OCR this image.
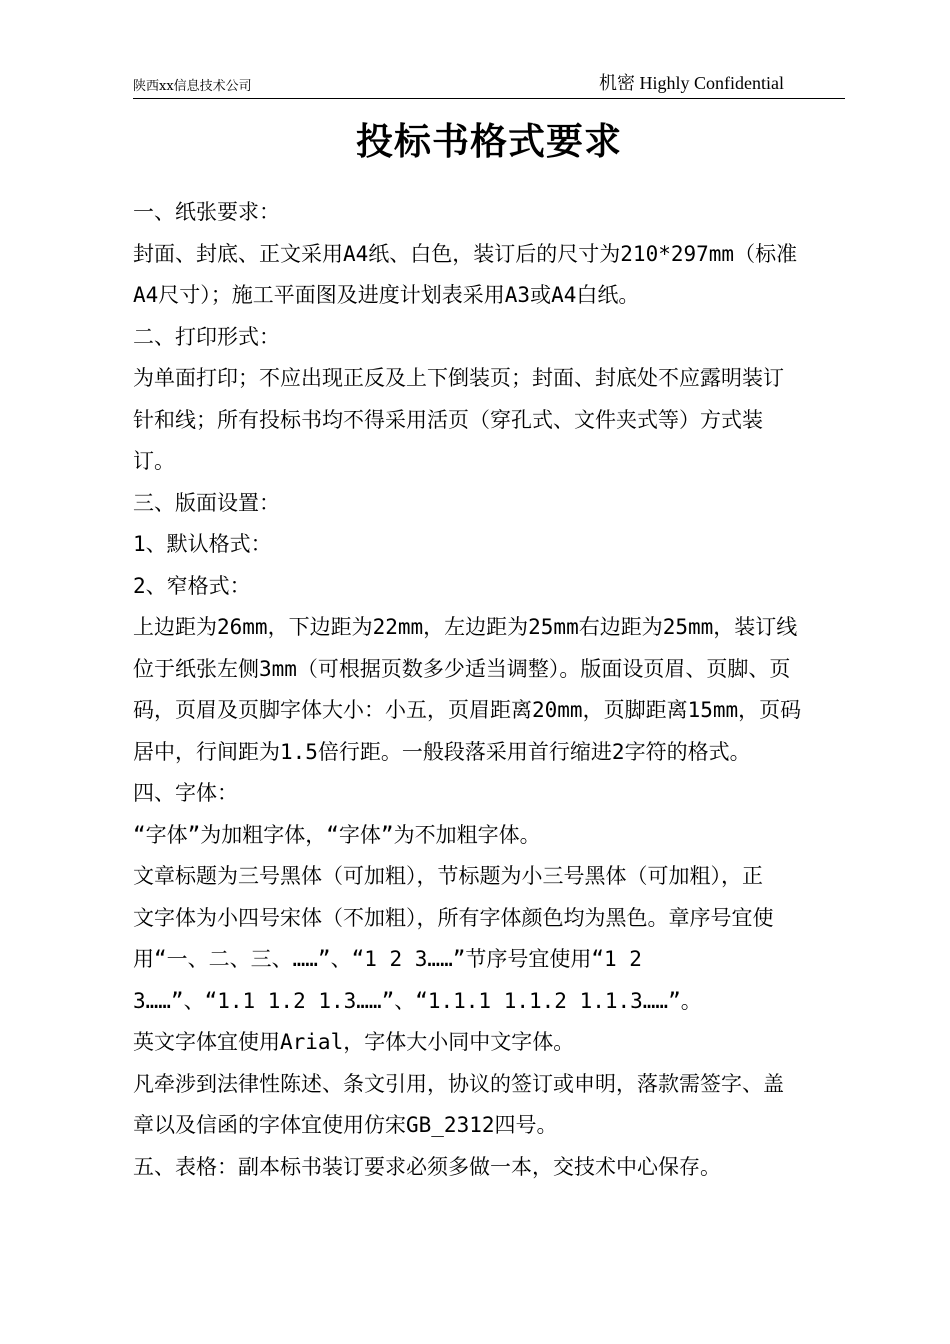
陕西xx信息技术公司	机密 Highly Confidential
投标书格式要求

一、纸张要求：

封面、封底、正文采用A4纸、白色，装订后的尺寸为210*297mm（标准

A4尺寸）；施工平面图及进度计划表采用A3或A4白纸。

二、打印形式：

为单面打印；不应出现正反及上下倒装页；封面、封底处不应露明装订

针和线；所有投标书均不得采用活页（穿孔式、文件夹式等）方式装

订。

三、版面设置：

1、默认格式：

2、窄格式：

上边距为26mm，下边距为22mm，左边距为25mm右边距为25mm，装订线

位于纸张左侧3mm（可根据页数多少适当调整）。版面设页眉、页脚、页

码，页眉及页脚字体大小：小五，页眉距离20mm，页脚距离15mm，页码

居中，行间距为1.5倍行距。一般段落采用首行缩进2字符的格式。

四、字体：

“字体”为加粗字体，“字体”为不加粗字体。

文章标题为三号黑体（可加粗），节标题为小三号黑体（可加粗），正

文字体为小四号宋体（不加粗），所有字体颜色均为黑色。章序号宜使

用“一、二、三、……”、“1 2 3……”节序号宜使用“1 2

3……”、“1.1 1.2 1.3……”、“1.1.1 1.1.2 1.1.3……”。

英文字体宜使用Arial，字体大小同中文字体。

凡牵涉到法律性陈述、条文引用，协议的签订或申明，落款需签字、盖

章以及信函的字体宜使用仿宋GB_2312四号。

五、表格：副本标书装订要求必须多做一本，交技术中心保存。
